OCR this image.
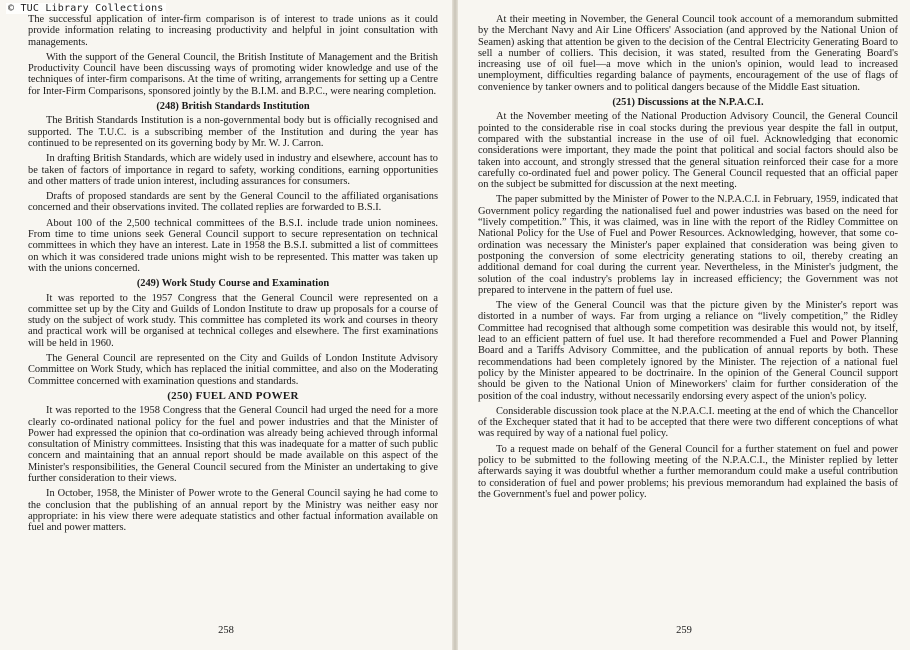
© TUC Library Collections

The successful application of inter-firm comparison is of interest to trade unions as it could provide information relating to increasing productivity and helpful in joint consultation with managements.

With the support of the General Council, the British Institute of Management and the British Productivity Council have been discussing ways of promoting wider knowledge and use of the techniques of inter-firm comparisons. At the time of writing, arrangements for setting up a Centre for Inter-Firm Comparisons, sponsored jointly by the B.I.M. and B.P.C., were nearing completion.

(248) British Standards Institution

The British Standards Institution is a non-governmental body but is officially recognised and supported. The T.U.C. is a subscribing member of the Institution and during the year has continued to be represented on its governing body by Mr. W. J. Carron.

In drafting British Standards, which are widely used in industry and elsewhere, account has to be taken of factors of importance in regard to safety, working conditions, earning opportunities and other matters of trade union interest, including assurances for consumers.

Drafts of proposed standards are sent by the General Council to the affiliated organisations concerned and their observations invited. The collated replies are forwarded to B.S.I.

About 100 of the 2,500 technical committees of the B.S.I. include trade union nominees. From time to time unions seek General Council support to secure representation on technical committees in which they have an interest. Late in 1958 the B.S.I. submitted a list of committees on which it was considered trade unions might wish to be represented. This matter was taken up with the unions concerned.

(249) Work Study Course and Examination

It was reported to the 1957 Congress that the General Council were represented on a committee set up by the City and Guilds of London Institute to draw up proposals for a course of study on the subject of work study. This committee has completed its work and courses in theory and practical work will be organised at technical colleges and elsewhere. The first examinations will be held in 1960.

The General Council are represented on the City and Guilds of London Institute Advisory Committee on Work Study, which has replaced the initial committee, and also on the Moderating Committee concerned with examination questions and standards.

(250) FUEL AND POWER

It was reported to the 1958 Congress that the General Council had urged the need for a more clearly co-ordinated national policy for the fuel and power industries and that the Minister of Power had expressed the opinion that co-ordination was already being achieved through informal consultation of Ministry committees. Insisting that this was inadequate for a matter of such public concern and maintaining that an annual report should be made available on this aspect of the Minister's responsibilities, the General Council secured from the Minister an undertaking to give further consideration to their views.

In October, 1958, the Minister of Power wrote to the General Council saying he had come to the conclusion that the publishing of an annual report by the Ministry was neither easy nor appropriate: in his view there were adequate statistics and other factual information available on fuel and power matters.

258

At their meeting in November, the General Council took account of a memorandum submitted by the Merchant Navy and Air Line Officers' Association (and approved by the National Union of Seamen) asking that attention be given to the decision of the Central Electricity Generating Board to sell a number of colliers. This decision, it was stated, resulted from the Generating Board's increasing use of oil fuel—a move which in the union's opinion, would lead to increased unemployment, difficulties regarding balance of payments, encouragement of the use of flags of convenience by tanker owners and to political dangers because of the Middle East situation.

(251) Discussions at the N.P.A.C.I.

At the November meeting of the National Production Advisory Council, the General Council pointed to the considerable rise in coal stocks during the previous year despite the fall in output, compared with the substantial increase in the use of oil fuel. Acknowledging that economic considerations were important, they made the point that political and social factors should also be taken into account, and strongly stressed that the general situation reinforced their case for a more carefully co-ordinated fuel and power policy. The General Council requested that an official paper on the subject be submitted for discussion at the next meeting.

The paper submitted by the Minister of Power to the N.P.A.C.I. in February, 1959, indicated that Government policy regarding the nationalised fuel and power industries was based on the need for “lively competition.” This, it was claimed, was in line with the report of the Ridley Committee on National Policy for the Use of Fuel and Power Resources. Acknowledging, however, that some co-ordination was necessary the Minister's paper explained that consideration was being given to postponing the conversion of some electricity generating stations to oil, thereby creating an additional demand for coal during the current year. Nevertheless, in the Minister's judgment, the solution of the coal industry's problems lay in increased efficiency; the Government was not prepared to intervene in the pattern of fuel use.

The view of the General Council was that the picture given by the Minister's report was distorted in a number of ways. Far from urging a reliance on “lively competition,” the Ridley Committee had recognised that although some competition was desirable this would not, by itself, lead to an efficient pattern of fuel use. It had therefore recommended a Fuel and Power Planning Board and a Tariffs Advisory Committee, and the publication of annual reports by both. These recommendations had been completely ignored by the Minister. The rejection of a national fuel policy by the Minister appeared to be doctrinaire. In the opinion of the General Council support should be given to the National Union of Mineworkers' claim for further consideration of the position of the coal industry, without necessarily endorsing every aspect of the union's policy.

Considerable discussion took place at the N.P.A.C.I. meeting at the end of which the Chancellor of the Exchequer stated that it had to be accepted that there were two different conceptions of what was required by way of a national fuel policy.

To a request made on behalf of the General Council for a further statement on fuel and power policy to be submitted to the following meeting of the N.P.A.C.I., the Minister replied by letter afterwards saying it was doubtful whether a further memorandum could make a useful contribution to consideration of fuel and power problems; his previous memorandum had explained the basis of the Government's fuel and power policy.

259
